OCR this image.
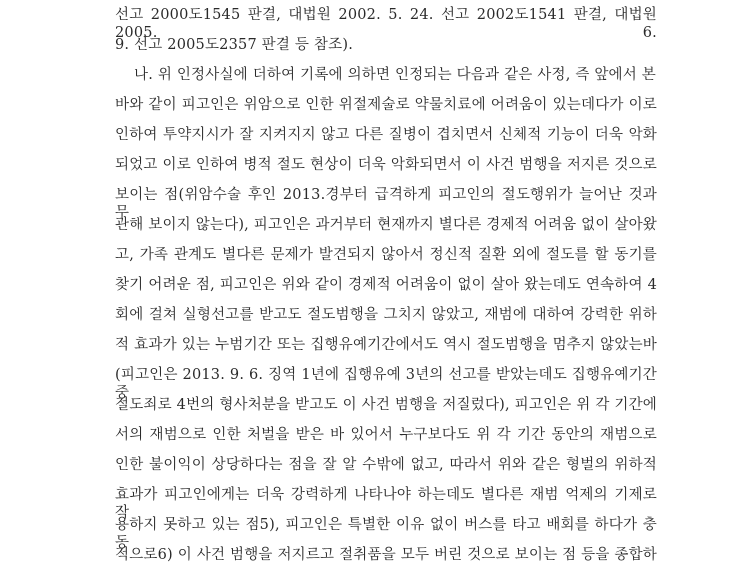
선고 2000도1545 판결, 대법원 2002. 5. 24. 선고 2002도1541 판결, 대법원 2005. 6.
9. 선고 2005도2357 판결 등 참조).
나. 위 인정사실에 더하여 기록에 의하면 인정되는 다음과 같은 사정, 즉 앞에서 본
바와 같이 피고인은 위암으로 인한 위절제술로 약물치료에 어려움이 있는데다가 이로
인하여 투약지시가 잘 지켜지지 않고 다른 질병이 겹치면서 신체적 기능이 더욱 악화
되었고 이로 인하여 병적 절도 현상이 더욱 악화되면서 이 사건 범행을 저지른 것으로
보이는 점(위암수술 후인 2013.경부터 급격하게 피고인의 절도행위가 늘어난 것과 무
관해 보이지 않는다), 피고인은 과거부터 현재까지 별다른 경제적 어려움 없이 살아왔
고, 가족 관계도 별다른 문제가 발견되지 않아서 정신적 질환 외에 절도를 할 동기를
찾기 어려운 점, 피고인은 위와 같이 경제적 어려움이 없이 살아 왔는데도 연속하여 4
회에 걸쳐 실형선고를 받고도 절도범행을 그치지 않았고, 재범에 대하여 강력한 위하
적 효과가 있는 누범기간 또는 집행유예기간에서도 역시 절도범행을 멈추지 않았는바
(피고인은 2013. 9. 6. 징역 1년에 집행유예 3년의 선고를 받았는데도 집행유예기간 중
절도죄로 4번의 형사처분을 받고도 이 사건 범행을 저질렀다), 피고인은 위 각 기간에
서의 재범으로 인한 처벌을 받은 바 있어서 누구보다도 위 각 기간 동안의 재범으로
인한 불이익이 상당하다는 점을 잘 알 수밖에 없고, 따라서 위와 같은 형벌의 위하적
효과가 피고인에게는 더욱 강력하게 나타나야 하는데도 별다른 재범 억제의 기제로 작
용하지 못하고 있는 점5), 피고인은 특별한 이유 없이 버스를 타고 배회를 하다가 충동
적으로6) 이 사건 범행을 저지르고 절취품을 모두 버린 것으로 보이는 점 등을 종합하
